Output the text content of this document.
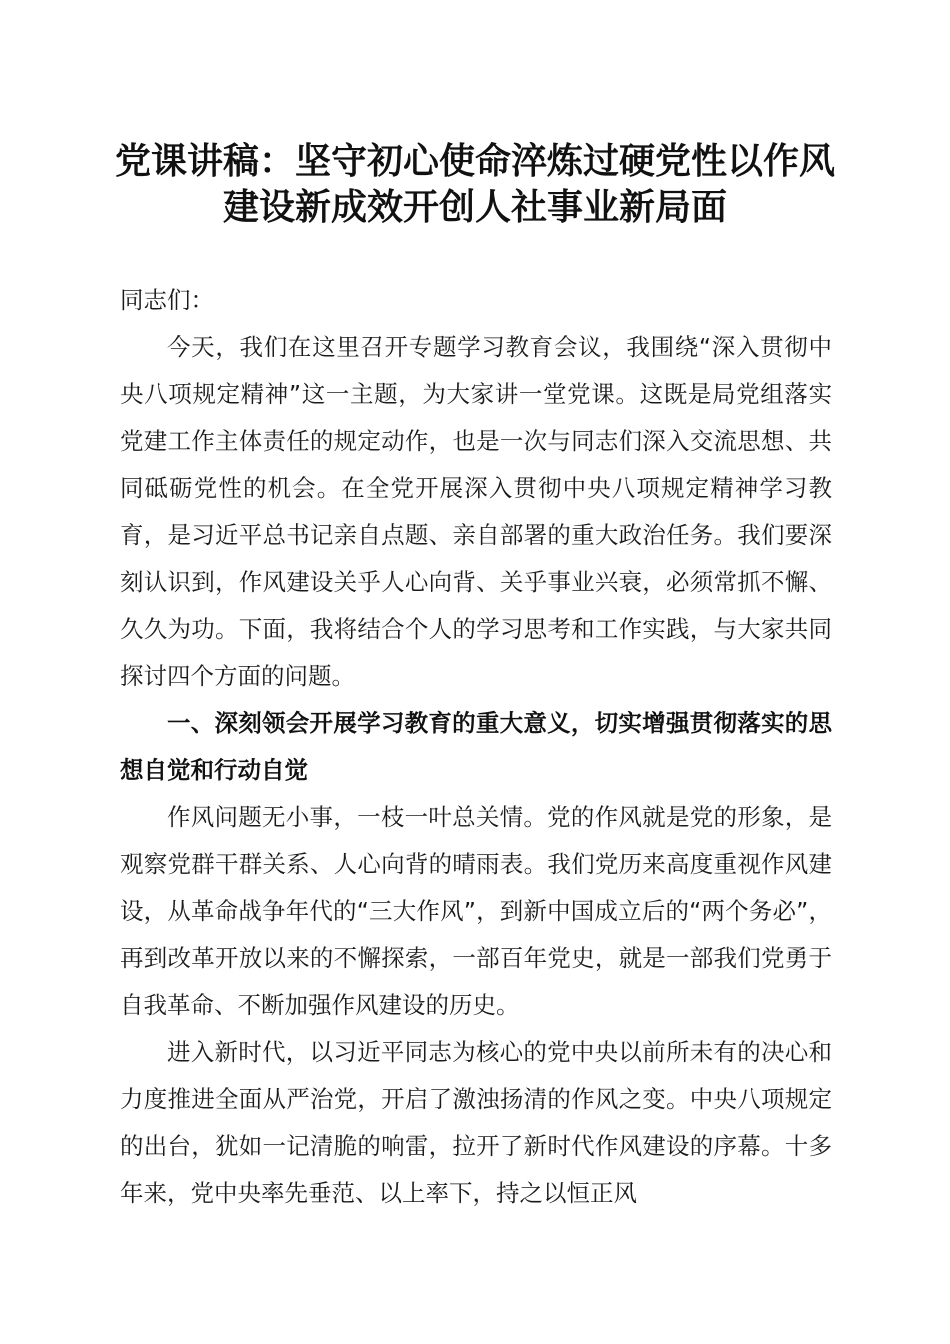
党课讲稿：坚守初心使命淬炼过硬党性以作风
建设新成效开创人社事业新局面

同志们：

今天，我们在这里召开专题学习教育会议，我围绕“深入贯彻中央八项规定精神”这一主题，为大家讲一堂党课。这既是局党组落实党建工作主体责任的规定动作，也是一次与同志们深入交流思想、共同砥砺党性的机会。在全党开展深入贯彻中央八项规定精神学习教育，是习近平总书记亲自点题、亲自部署的重大政治任务。我们要深刻认识到，作风建设关乎人心向背、关乎事业兴衰，必须常抓不懈、久久为功。下面，我将结合个人的学习思考和工作实践，与大家共同探讨四个方面的问题。

一、深刻领会开展学习教育的重大意义，切实增强贯彻落实的思想自觉和行动自觉

作风问题无小事，一枝一叶总关情。党的作风就是党的形象，是观察党群干群关系、人心向背的晴雨表。我们党历来高度重视作风建设，从革命战争年代的“三大作风”，到新中国成立后的“两个务必”，再到改革开放以来的不懈探索，一部百年党史，就是一部我们党勇于自我革命、不断加强作风建设的历史。

进入新时代，以习近平同志为核心的党中央以前所未有的决心和力度推进全面从严治党，开启了激浊扬清的作风之变。中央八项规定的出台，犹如一记清脆的响雷，拉开了新时代作风建设的序幕。十多年来，党中央率先垂范、以上率下，持之以恒正风
